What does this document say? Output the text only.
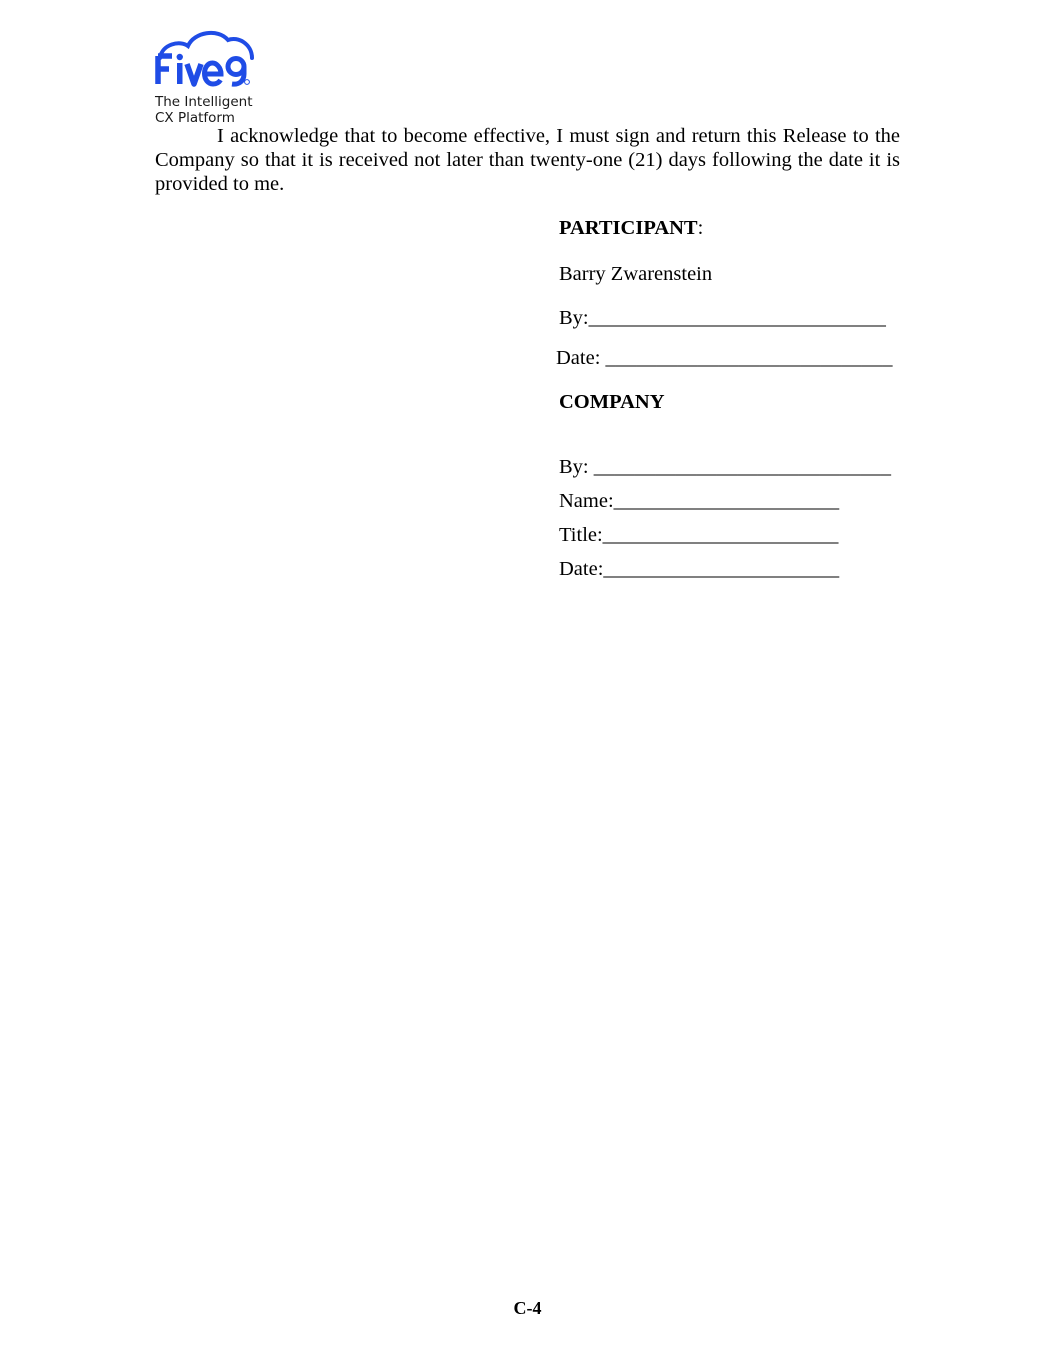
The Intelligent
CX Platform

I acknowledge that to become effective, I must sign and return this Release to the Company so that it is received not later than twenty-one (21) days following the date it is provided to me.

PARTICIPANT:
Barry Zwarenstein
By:_____________________________
Date: ____________________________
COMPANY
By: _____________________________
Name:______________________
Title:_______________________
Date:_______________________
C-4
